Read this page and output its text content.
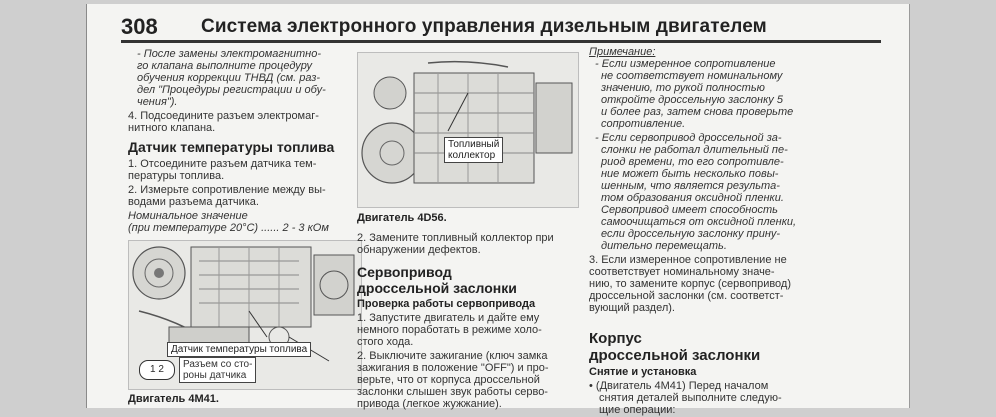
308 Система электронного управления дизельным двигателем
- После замены электромагнитно-
го клапана выполните процедуру
обучения коррекции ТНВД (см. раз-
дел "Процедуры регистрации и обу-
чения").
4. Подсоедините разъем электромаг-
нитного клапана.
Датчик температуры топлива
1. Отсоедините разъем датчика тем-
пературы топлива.
2. Измерьте сопротивление между вы-
водами разъема датчика.
Номинальное значение
(при температуре 20°C) ...... 2 - 3 кОм
Датчик температуры топлива
1 2	Разъем со сто-
роны датчика
Двигатель 4M41.
Топливный
коллектор
Двигатель 4D56.
2. Замените топливный коллектор при
обнаружении дефектов.
Сервопривод
дроссельной заслонки
Проверка работы сервопривода
1. Запустите двигатель и дайте ему
немного поработать в режиме холо-
стого хода.
2. Выключите зажигание (ключ замка
зажигания в положение "OFF") и про-
верьте, что от корпуса дроссельной
заслонки слышен звук работы серво-
привода (легкое жужжание).
Примечание:
- Если измеренное сопротивление
не соответствует номинальному
значению, то рукой полностью
откройте дроссельную заслонку 5
и более раз, затем снова проверьте
сопротивление.
- Если сервопривод дроссельной за-
слонки не работал длительный пе-
риод времени, то его сопротивле-
ние может быть несколько повы-
шенным, что является результа-
том образования оксидной пленки.
Сервопривод имеет способность
самоочищаться от оксидной пленки,
если дроссельную заслонку прину-
дительно перемещать.
3. Если измеренное сопротивление не
соответствует номинальному значе-
нию, то замените корпус (сервопривод)
дроссельной заслонки (см. соответст-
вующий раздел).
Корпус
дроссельной заслонки
Снятие и установка
• (Двигатель 4M41) Перед началом
снятия деталей выполните следую-
щие операции:
